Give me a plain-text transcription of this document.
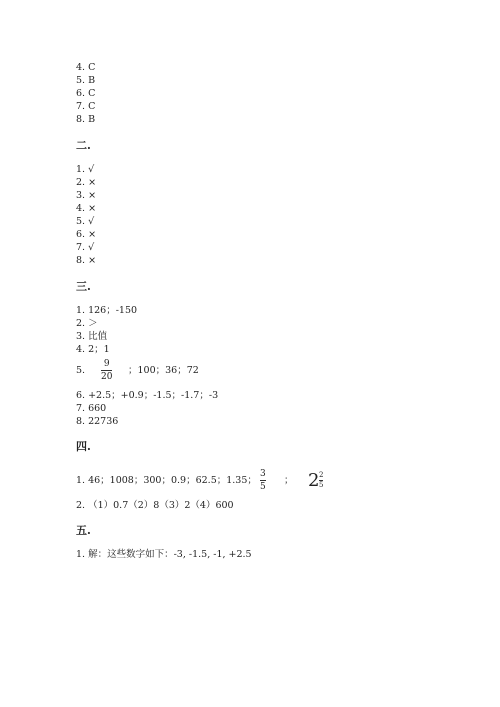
4. C
5. B
6. C
7. C
8. B
二.
1. √
2. ×
3. ×
4. ×
5. √
6. ×
7. √
8. ×
三.
1. 126；-150
2. ＞
3. 比值
4. 2；1
5.
9
20
；100；36；72
6. +2.5；+0.9；-1.5；-1.7；-3
7. 660
8. 22736
四.
1. 46；1008；300；0.9；62.5；1.35；
3
5
； 2 2
5
2. （1）0.7（2）8（3）2（4）600
五.
1. 解：这些数字如下：-3, -1.5, -1, +2.5
